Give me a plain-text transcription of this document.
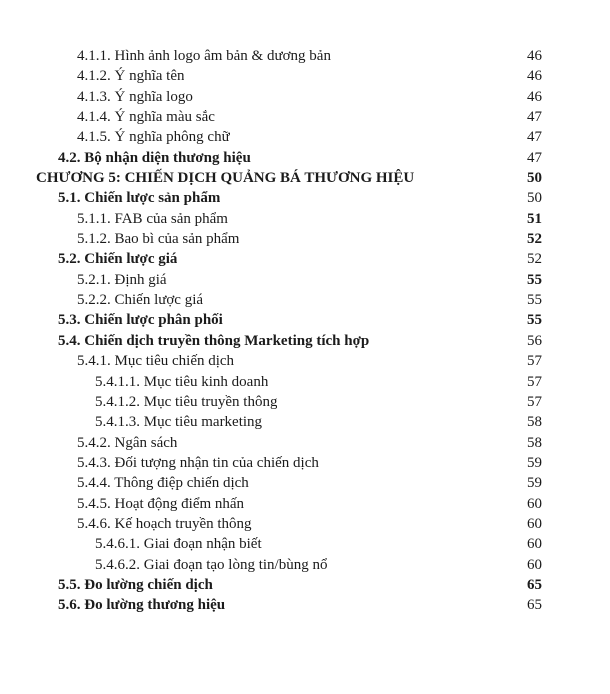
4.1.1. Hình ảnh logo âm bản & dương bản	46
4.1.2. Ý nghĩa tên	46
4.1.3. Ý nghĩa logo	46
4.1.4. Ý nghĩa màu sắc	47
4.1.5. Ý nghĩa phông chữ	47
4.2. Bộ nhận diện thương hiệu	47
CHƯƠNG 5: CHIẾN DỊCH QUẢNG BÁ THƯƠNG HIỆU	50
5.1. Chiến lược sản phẩm	50
5.1.1. FAB của sản phẩm	51
5.1.2. Bao bì của sản phẩm	52
5.2. Chiến lược giá	52
5.2.1. Định giá	55
5.2.2. Chiến lược giá	55
5.3. Chiến lược phân phối	55
5.4. Chiến dịch truyền thông Marketing tích hợp	56
5.4.1. Mục tiêu chiến dịch	57
5.4.1.1. Mục tiêu kinh doanh	57
5.4.1.2. Mục tiêu truyền thông	57
5.4.1.3. Mục tiêu marketing	58
5.4.2. Ngân sách	58
5.4.3. Đối tượng nhận tin của chiến dịch	59
5.4.4. Thông điệp chiến dịch	59
5.4.5. Hoạt động điểm nhấn	60
5.4.6. Kế hoạch truyền thông	60
5.4.6.1. Giai đoạn nhận biết	60
5.4.6.2. Giai đoạn tạo lòng tin/bùng nổ	60
5.5. Đo lường chiến dịch	65
5.6. Đo lường thương hiệu	65
